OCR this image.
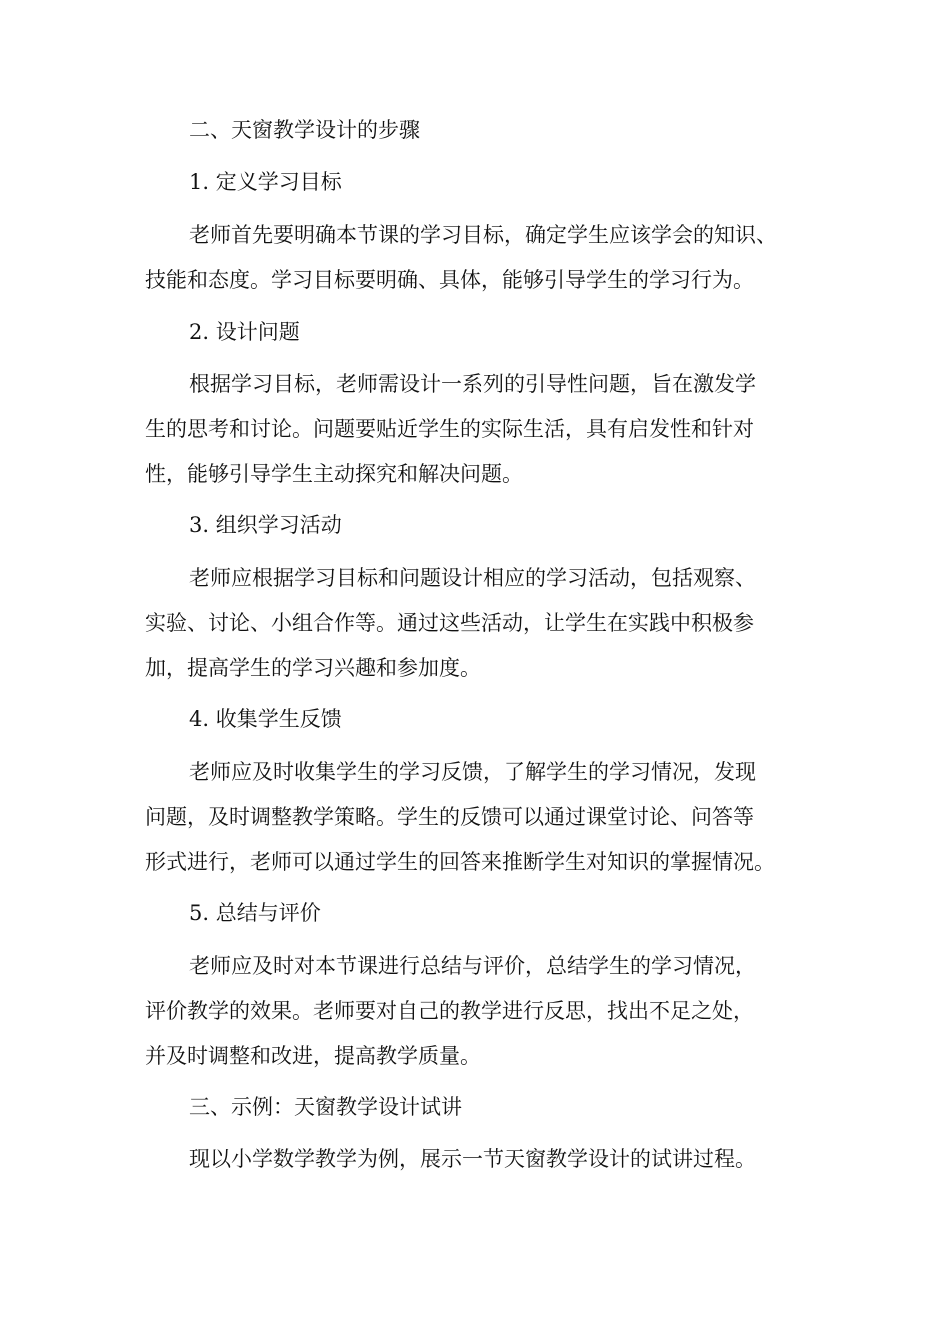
二、天窗教学设计的步骤

1. 定义学习目标

老师首先要明确本节课的学习目标，确定学生应该学会的知识、
技能和态度。学习目标要明确、具体，能够引导学生的学习行为。

2. 设计问题

根据学习目标，老师需设计一系列的引导性问题，旨在激发学
生的思考和讨论。问题要贴近学生的实际生活，具有启发性和针对
性，能够引导学生主动探究和解决问题。

3. 组织学习活动

老师应根据学习目标和问题设计相应的学习活动，包括观察、
实验、讨论、小组合作等。通过这些活动，让学生在实践中积极参
加，提高学生的学习兴趣和参加度。

4. 收集学生反馈

老师应及时收集学生的学习反馈，了解学生的学习情况，发现
问题，及时调整教学策略。学生的反馈可以通过课堂讨论、问答等
形式进行，老师可以通过学生的回答来推断学生对知识的掌握情况。

5. 总结与评价

老师应及时对本节课进行总结与评价，总结学生的学习情况，
评价教学的效果。老师要对自己的教学进行反思，找出不足之处，
并及时调整和改进，提高教学质量。

三、示例：天窗教学设计试讲

现以小学数学教学为例，展示一节天窗教学设计的试讲过程。
